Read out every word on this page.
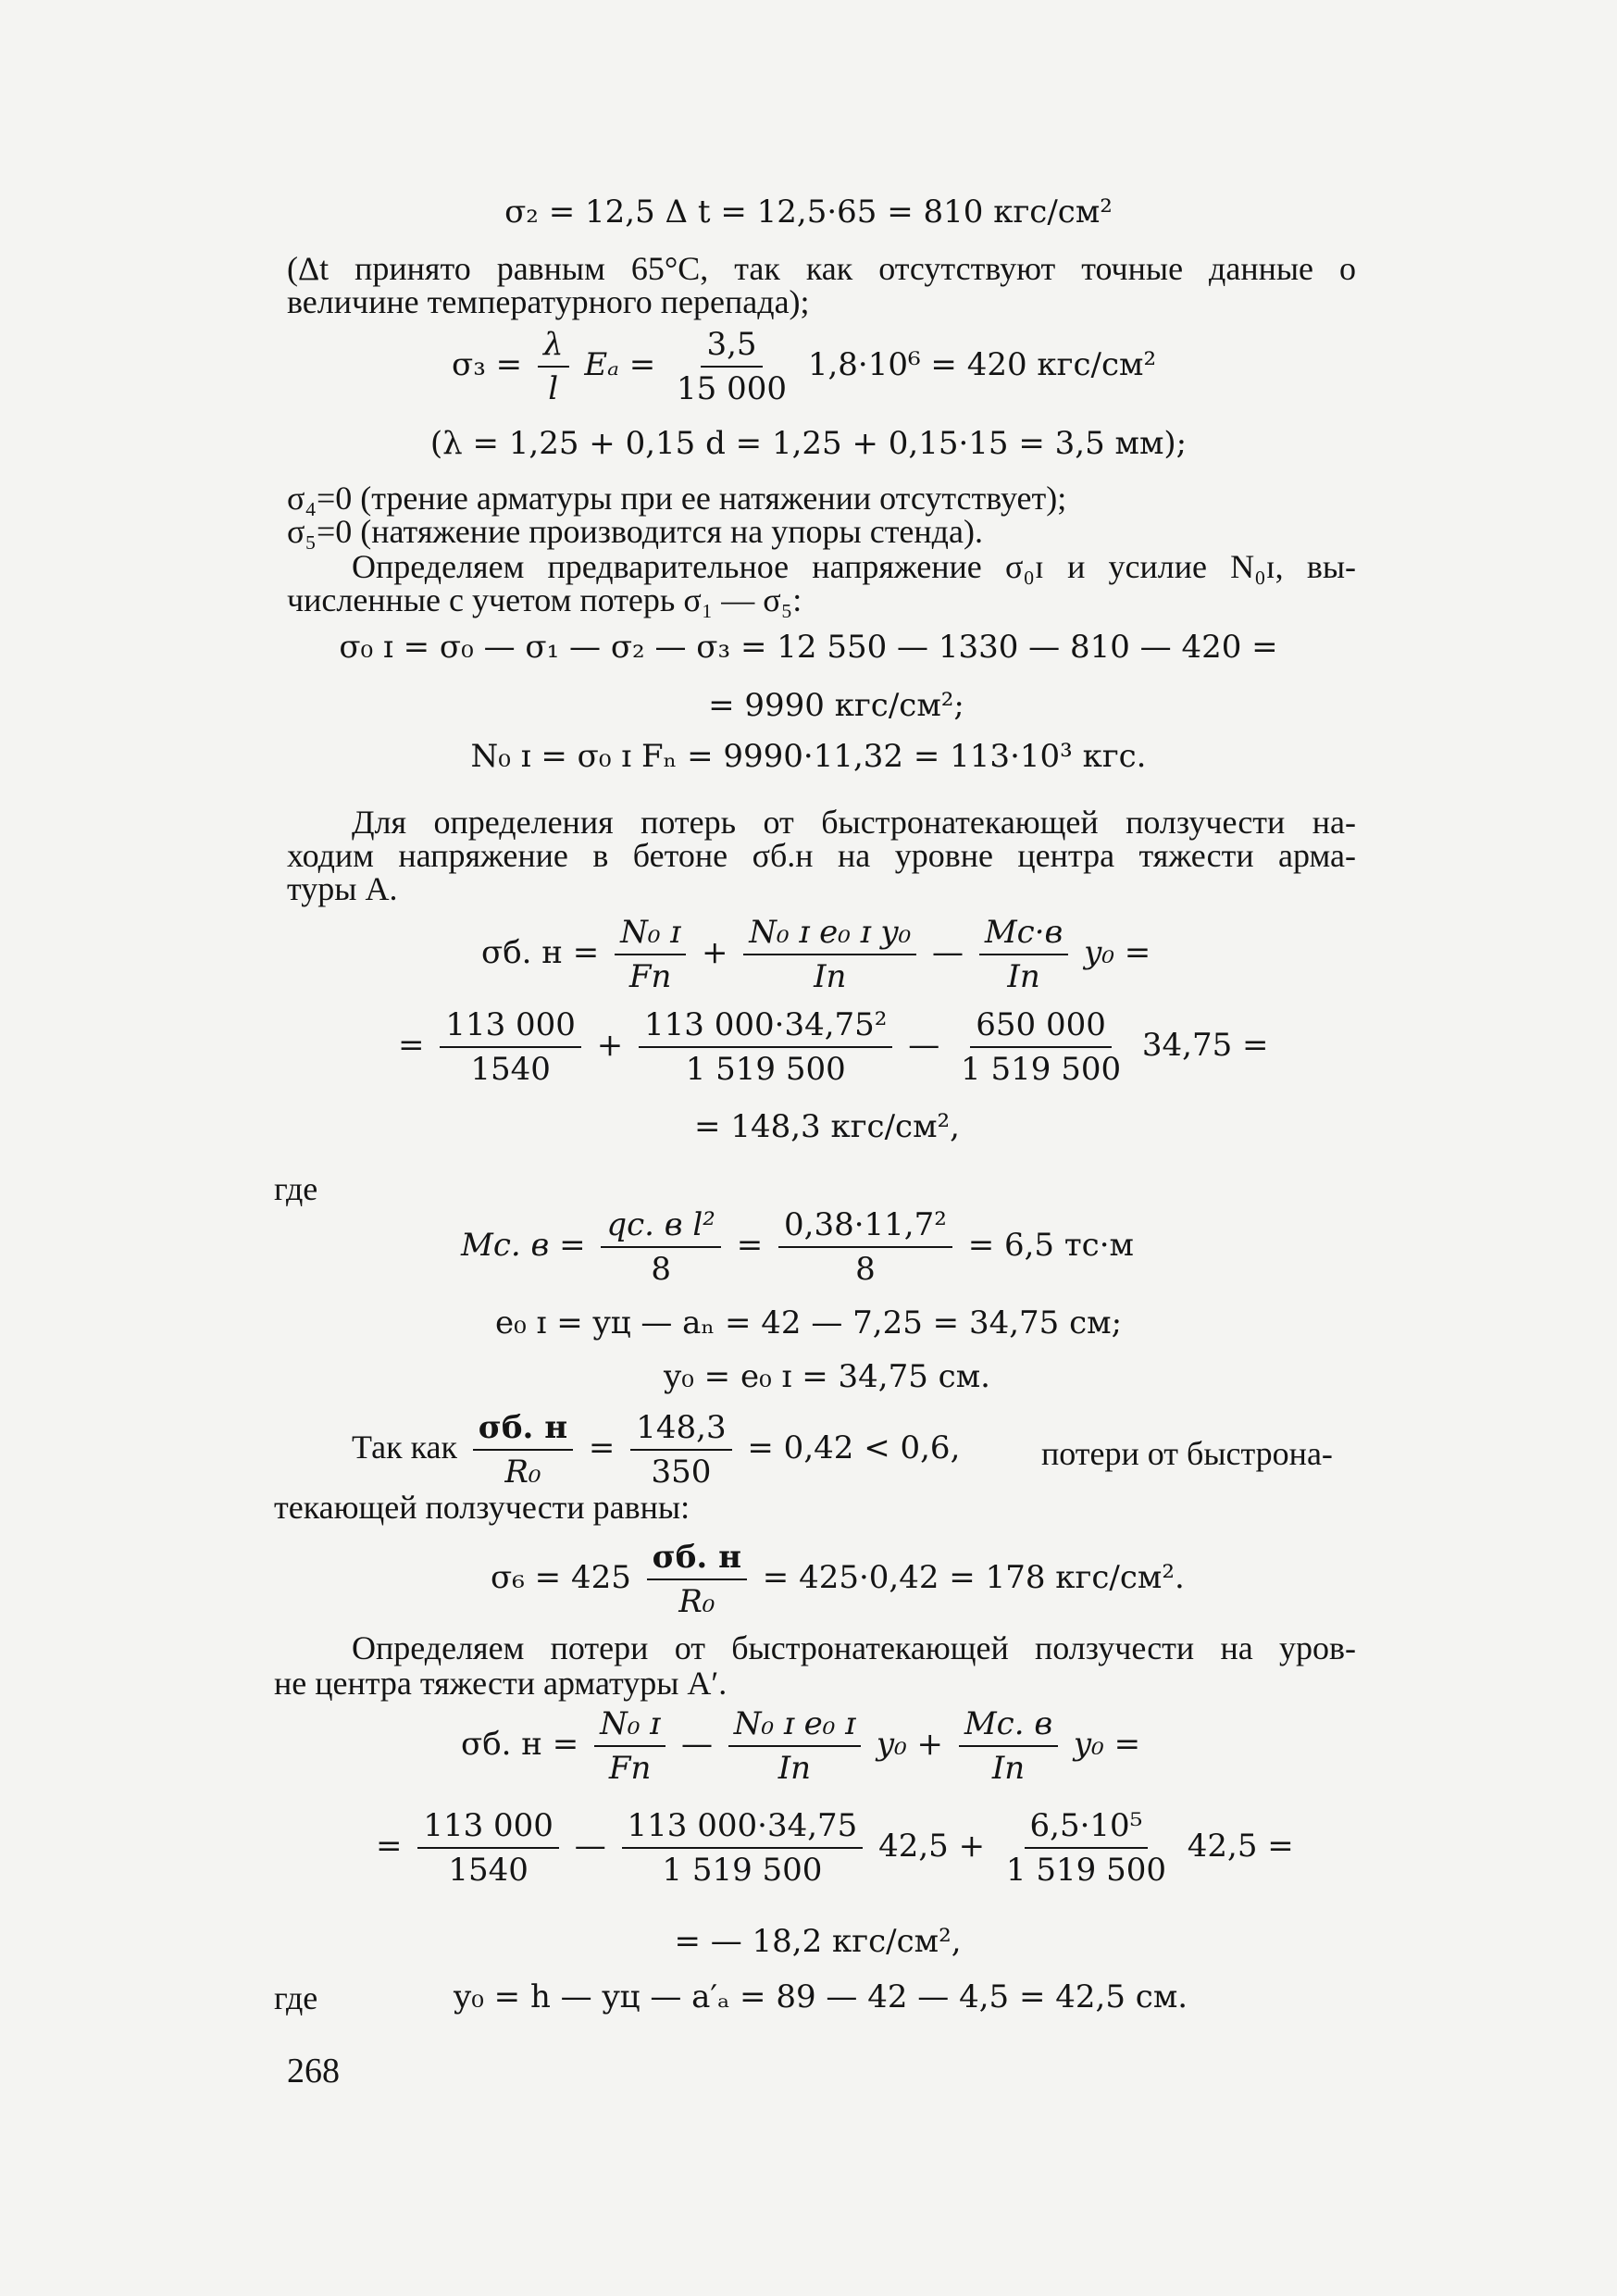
σ₂ = 12,5 Δ t = 12,5·65 = 810 кгс/см²
(Δt принято равным 65°С, так как отсутствуют точные данные о
величине температурного перепада);
$\sigma_3 = \frac{\lambda}{l}$ $E_a = \frac{3,5}{15 000} 1,8\cdot 10^6 = 420$ кгс/см²
(λ = 1,25 + 0,15 d = 1,25 + 0,15·15 = 3,5 мм);
σ₄=0 (трение арматуры при ее натяжении отсутствует);
σ₅=0 (натяжение производится на упоры стенда).
Определяем предварительное напряжение σ₀ɪ и усилие N₀ɪ, вы-
численные с учетом потерь σ₁ — σ₅:
σ₀ ɪ = σ₀ — σ₁ — σ₂ — σ₃ = 12 550 — 1330 — 810 — 420 =
= 9990 кгс/см²;
N₀ ɪ = σ₀ ɪ Fₙ = 9990·11,32 = 113·10³ кгс.
Для определения потерь от быстронатекающей ползучести на-
ходим напряжение в бетоне σб.н на уровне центра тяжести арма-
туры A.
σб. $н = \frac{\text{N₀ ɪ}}{Fп} + \frac{\text{N₀ ɪ e₀ ɪ y₀}}{Iп}$ — $\frac{Mс\cdot в}{Iп} y_0$ =
= $\frac{113 000}{1540} + \frac{\text{113 000·34,75²}}{1 519 500}$ — $\frac{650 000}{1 519 500} 34,75$ =
= 148,3 кгс/см²,
где
Mс. $в = \frac{\text{qс. в l²}}{8} = \frac{\text{0,38·11,7²}}{8} = 6,5$ тс·м
e₀ ɪ = yц — aₙ = 42 — 7,25 = 34,75 см;
y₀ = e₀ ɪ = 34,75 см.
Так как $\frac{\sigma б. н}{\text{R₀}} = \frac{148,3}{350} = 0,42 < 0,6$, потери от быстрона-
текающей ползучести равны:
$\sigma_6 = 425 \frac{\sigma б. н}{\text{R₀}} = 425\cdot 0,42 = 178$ кгс/см².
Определяем потери от быстронатекающей ползучести на уров-
не центра тяжести арматуры A′.
σб. $н = \frac{\text{N₀ ɪ}}{Fп}$ — $\frac{\text{N₀ ɪ e₀ ɪ}}{Iп} y_0 + \frac{Mс. в}{Iп} y_0$ =
= $\frac{113 000}{1540}$ — $\frac{113 000\cdot 34,75}{1 519 500} 42,5 + \frac{\text{6,5·10⁵}}{1 519 500} 42,5$ =
= — 18,2 кгс/см²,
где	y₀ = h — yц — a′ₐ = 89 — 42 — 4,5 = 42,5 см.
268
